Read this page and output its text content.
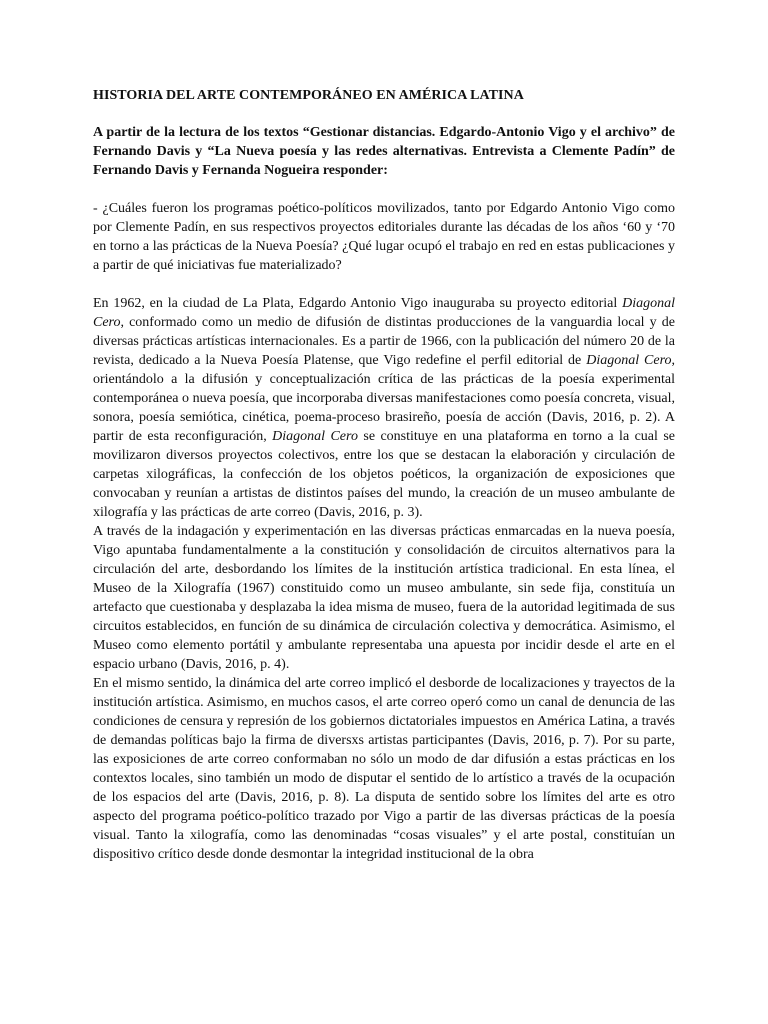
HISTORIA DEL ARTE CONTEMPORÁNEO EN AMÉRICA LATINA

A partir de la lectura de los textos “Gestionar distancias. Edgardo-Antonio Vigo y el archivo” de Fernando Davis y “La Nueva poesía y las redes alternativas. Entrevista a Clemente Padín” de Fernando Davis y Fernanda Nogueira responder:

- ¿Cuáles fueron los programas poético-políticos movilizados, tanto por Edgardo Antonio Vigo como por Clemente Padín, en sus respectivos proyectos editoriales durante las décadas de los años ‘60 y ‘70 en torno a las prácticas de la Nueva Poesía? ¿Qué lugar ocupó el trabajo en red en estas publicaciones y a partir de qué iniciativas fue materializado?

En 1962, en la ciudad de La Plata, Edgardo Antonio Vigo inauguraba su proyecto editorial Diagonal Cero, conformado como un medio de difusión de distintas producciones de la vanguardia local y de diversas prácticas artísticas internacionales. Es a partir de 1966, con la publicación del número 20 de la revista, dedicado a la Nueva Poesía Platense, que Vigo redefine el perfil editorial de Diagonal Cero, orientándolo a la difusión y conceptualización crítica de las prácticas de la poesía experimental contemporánea o nueva poesía, que incorporaba diversas manifestaciones como poesía concreta, visual, sonora, poesía semiótica, cinética, poema-proceso brasireño, poesía de acción (Davis, 2016, p. 2). A partir de esta reconfiguración, Diagonal Cero se constituye en una plataforma en torno a la cual se movilizaron diversos proyectos colectivos, entre los que se destacan la elaboración y circulación de carpetas xilográficas, la confección de los objetos poéticos, la organización de exposiciones que convocaban y reunían a artistas de distintos países del mundo, la creación de un museo ambulante de xilografía y las prácticas de arte correo (Davis, 2016, p. 3).

A través de la indagación y experimentación en las diversas prácticas enmarcadas en la nueva poesía, Vigo apuntaba fundamentalmente a la constitución y consolidación de circuitos alternativos para la circulación del arte, desbordando los límites de la institución artística tradicional. En esta línea, el Museo de la Xilografía (1967) constituido como un museo ambulante, sin sede fija, constituía un artefacto que cuestionaba y desplazaba la idea misma de museo, fuera de la autoridad legitimada de sus circuitos establecidos, en función de su dinámica de circulación colectiva y democrática. Asimismo, el Museo como elemento portátil y ambulante representaba una apuesta por incidir desde el arte en el espacio urbano (Davis, 2016, p. 4).

En el mismo sentido, la dinámica del arte correo implicó el desborde de localizaciones y trayectos de la institución artística. Asimismo, en muchos casos, el arte correo operó como un canal de denuncia de las condiciones de censura y represión de los gobiernos dictatoriales impuestos en América Latina, a través de demandas políticas bajo la firma de diversxs artistas participantes (Davis, 2016, p. 7). Por su parte, las exposiciones de arte correo conformaban no sólo un modo de dar difusión a estas prácticas en los contextos locales, sino también un modo de disputar el sentido de lo artístico a través de la ocupación de los espacios del arte (Davis, 2016, p. 8). La disputa de sentido sobre los límites del arte es otro aspecto del programa poético-político trazado por Vigo a partir de las diversas prácticas de la poesía visual. Tanto la xilografía, como las denominadas “cosas visuales” y el arte postal, constituían un dispositivo crítico desde donde desmontar la integridad institucional de la obra
